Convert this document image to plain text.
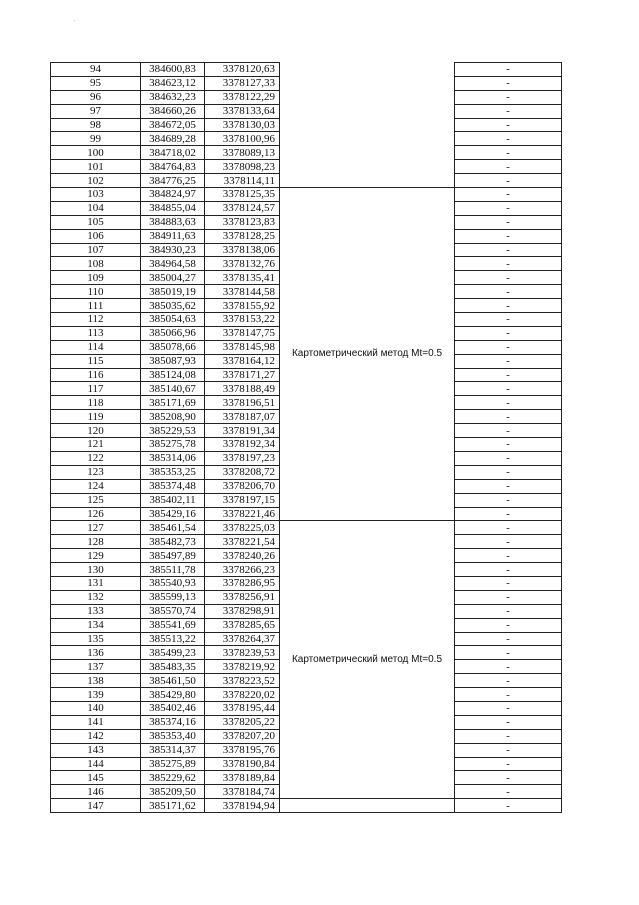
'
94	384600,83	3378120,63		-
95	384623,12	3378127,33		-
96	384632,23	3378122,29		-
97	384660,26	3378133,64		-
98	384672,05	3378130,03		-
99	384689,28	3378100,96		-
100	384718,02	3378089,13		-
101	384764,83	3378098,23		-
102	384776,25	3378114,11		-
103	384824,97	3378125,35	Картометрический метод Mt=0.5	-
104	384855,04	3378124,57		-
105	384883,63	3378123,83		-
106	384911,63	3378128,25		-
107	384930,23	3378138,06		-
108	384964,58	3378132,76		-
109	385004,27	3378135,41		-
110	385019,19	3378144,58		-
111	385035,62	3378155,92		-
112	385054,63	3378153,22		-
113	385066,96	3378147,75		-
114	385078,66	3378145,98		-
115	385087,93	3378164,12		-
116	385124,08	3378171,27		-
117	385140,67	3378188,49		-
118	385171,69	3378196,51		-
119	385208,90	3378187,07		-
120	385229,53	3378191,34		-
121	385275,78	3378192,34		-
122	385314,06	3378197,23		-
123	385353,25	3378208,72		-
124	385374,48	3378206,70		-
125	385402,11	3378197,15		-
126	385429,16	3378221,46		-
127	385461,54	3378225,03	Картометрический метод Mt=0.5	-
128	385482,73	3378221,54		-
129	385497,89	3378240,26		-
130	385511,78	3378266,23		-
131	385540,93	3378286,95		-
132	385599,13	3378256,91		-
133	385570,74	3378298,91		-
134	385541,69	3378285,65		-
135	385513,22	3378264,37		-
136	385499,23	3378239,53		-
137	385483,35	3378219,92		-
138	385461,50	3378223,52		-
139	385429,80	3378220,02		-
140	385402,46	3378195,44		-
141	385374,16	3378205,22		-
142	385353,40	3378207,20		-
143	385314,37	3378195,76		-
144	385275,89	3378190,84		-
145	385229,62	3378189,84		-
146	385209,50	3378184,74		-
147	385171,62	3378194,94		-
